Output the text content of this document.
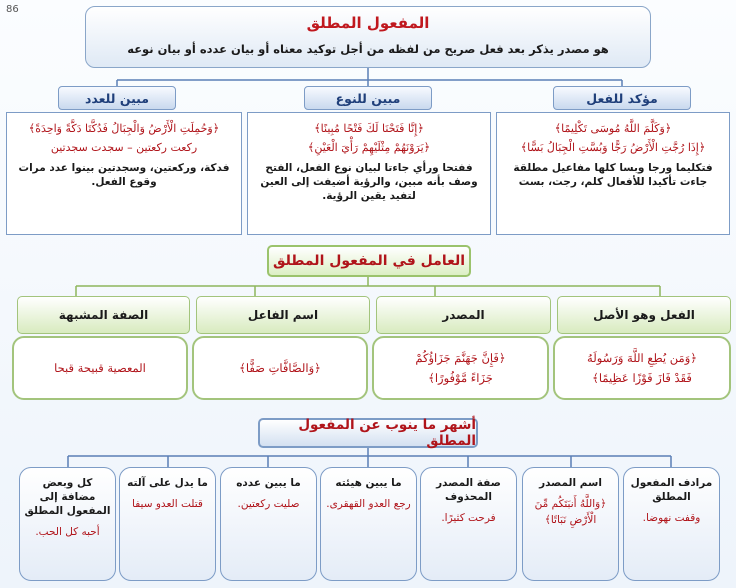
86
المفعول المطلق
هو مصدر يذكر بعد فعل صريح من لفظه من أجل توكيد معناه أو بيان عدده أو بيان نوعه
مؤكد للفعل
مبين للنوع
مبين للعدد
﴿وَكَلَّمَ اللَّهُ مُوسَى تَكْلِيمًا﴾
﴿إِذَا رُجَّتِ الْأَرْضُ رَجًّا وَبُسَّتِ الْجِبَالُ بَسًّا﴾
فتكليما ورجا وبسا كلها مفاعيل مطلقة جاءت تأكيدا للأفعال كلم، رجت، بست
﴿إِنَّا فَتَحْنَا لَكَ فَتْحًا مُبِينًا﴾
﴿يَرَوْنَهُمْ مِثْلَيْهِمْ رَأْيَ الْعَيْنِ﴾
ففتحا ورأي جاءتا لبيان نوع الفعل، الفتح وصف بأنه مبين، والرؤية أضيفت إلى العين لتفيد يقين الرؤية.
﴿وَحُمِلَتِ الْأَرْضُ وَالْجِبَالُ فَدُكَّتَا دَكَّةً وَاحِدَةً﴾
ركعت ركعتين – سجدت سجدتين
فدكة، وركعتين، وسجدتين بينوا عدد مرات وقوع الفعل.
العامل في المفعول المطلق
الفعل وهو الأصل
المصدر
اسم الفاعل
الصفة المشبهة
﴿وَمَن يُطِعِ اللَّهَ وَرَسُولَهُ
فَقَدْ فَازَ فَوْزًا عَظِيمًا﴾
﴿فَإِنَّ جَهَنَّمَ جَزَاؤُكُمْ
جَزَاءً مَّوْفُورًا﴾
﴿وَالصَّافَّاتِ صَفًّا﴾
المعصية قبيحة قبحا
أشهر ما ينوب عن المفعول المطلق
مرادف المفعول المطلق
وقفت نهوضا.
اسم المصدر
﴿وَاللَّهُ أَنبَتَكُم مِّنَ الْأَرْضِ نَبَاتًا﴾
صفة المصدر المحذوف
فرحت كثيرًا.
ما يبين هيئته
رجع العدو القهقرى.
ما يبين عدده
صليت ركعتين.
ما يدل على آلته
قتلت العدو سيفا
كل وبعض مضافة إلى المفعول المطلق
أحبه كل الحب.
